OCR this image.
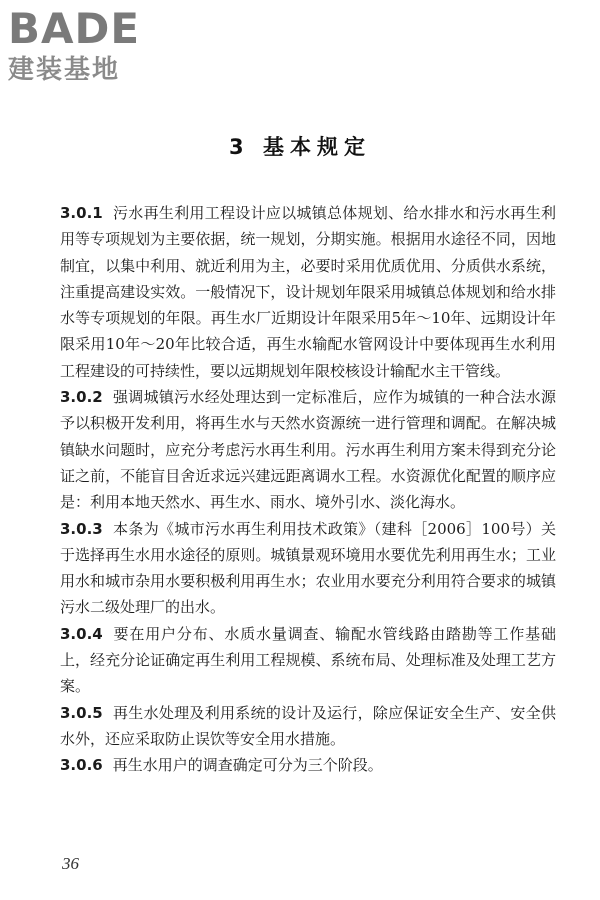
BADE
建装基地
3 基本规定

3.0.1 污水再生利用工程设计应以城镇总体规划、给水排水和污水再生利用等专项规划为主要依据，统一规划，分期实施。根据用水途径不同，因地制宜，以集中利用、就近利用为主，必要时采用优质优用、分质供水系统，注重提高建设实效。一般情况下，设计规划年限采用城镇总体规划和给水排水等专项规划的年限。再生水厂近期设计年限采用5年～10年、远期设计年限采用10年～20年比较合适，再生水输配水管网设计中要体现再生水利用工程建设的可持续性，要以远期规划年限校核设计输配水主干管线。

3.0.2 强调城镇污水经处理达到一定标准后，应作为城镇的一种合法水源予以积极开发利用，将再生水与天然水资源统一进行管理和调配。在解决城镇缺水问题时，应充分考虑污水再生利用。污水再生利用方案未得到充分论证之前，不能盲目舍近求远兴建远距离调水工程。水资源优化配置的顺序应是：利用本地天然水、再生水、雨水、境外引水、淡化海水。

3.0.3 本条为《城市污水再生利用技术政策》（建科［2006］100号）关于选择再生水用水途径的原则。城镇景观环境用水要优先利用再生水；工业用水和城市杂用水要积极利用再生水；农业用水要充分利用符合要求的城镇污水二级处理厂的出水。

3.0.4 要在用户分布、水质水量调查、输配水管线路由踏勘等工作基础上，经充分论证确定再生利用工程规模、系统布局、处理标准及处理工艺方案。

3.0.5 再生水处理及利用系统的设计及运行，除应保证安全生产、安全供水外，还应采取防止误饮等安全用水措施。

3.0.6 再生水用户的调查确定可分为三个阶段。

36
